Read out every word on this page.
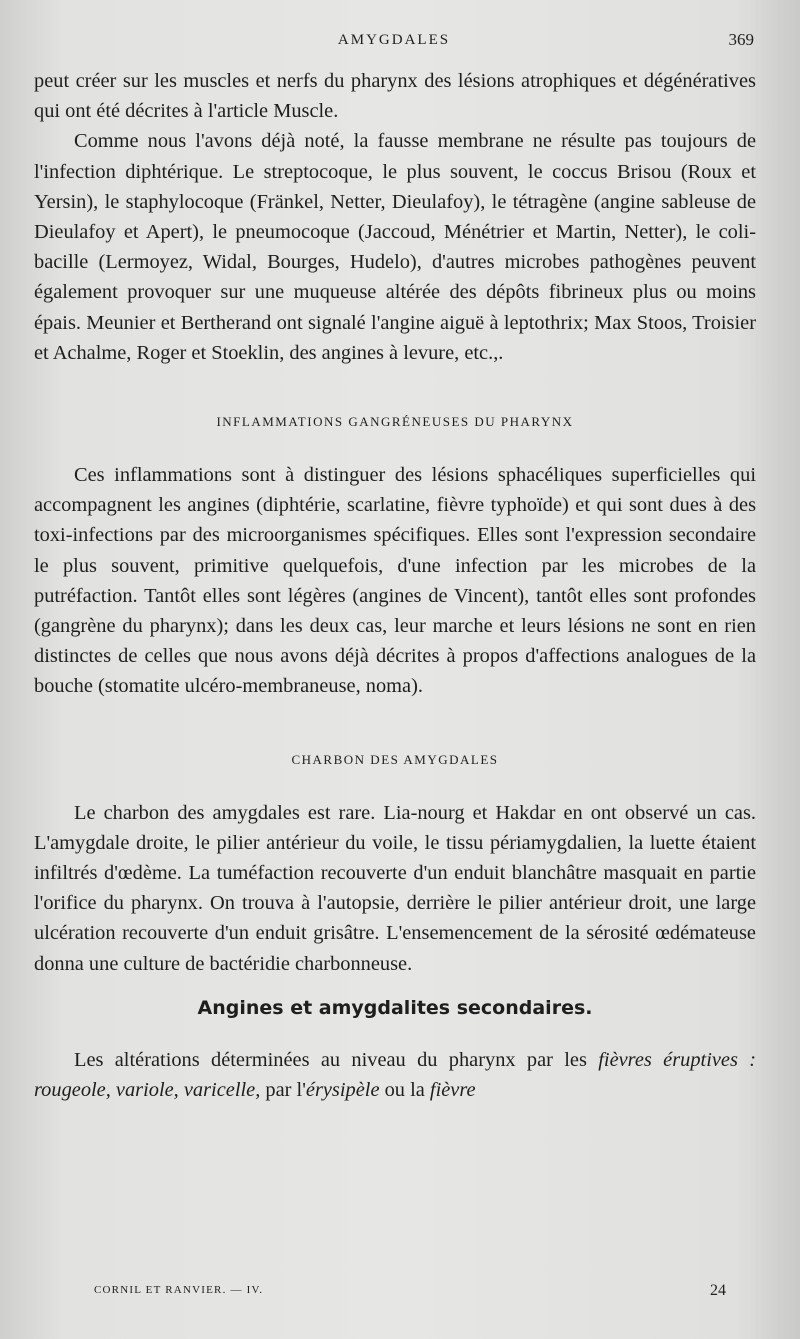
AMYGDALES	369

peut créer sur les muscles et nerfs du pharynx des lésions atrophiques et dégénératives qui ont été décrites à l'article Muscle.

Comme nous l'avons déjà noté, la fausse membrane ne résulte pas toujours de l'infection diphtérique. Le streptocoque, le plus souvent, le coccus Brisou (Roux et Yersin), le staphylocoque (Fränkel, Netter, Dieulafoy), le tétragène (angine sableuse de Dieulafoy et Apert), le pneumocoque (Jaccoud, Ménétrier et Martin, Netter), le coli-bacille (Lermoyez, Widal, Bourges, Hudelo), d'autres microbes pathogènes peuvent également provoquer sur une muqueuse altérée des dépôts fibrineux plus ou moins épais. Meunier et Bertherand ont signalé l'angine aiguë à leptothrix; Max Stoos, Troisier et Achalme, Roger et Stoeklin, des angines à levure, etc.,.

INFLAMMATIONS GANGRÉNEUSES DU PHARYNX

Ces inflammations sont à distinguer des lésions sphacéliques superficielles qui accompagnent les angines (diphtérie, scarlatine, fièvre typhoïde) et qui sont dues à des toxi-infections par des microorganismes spécifiques. Elles sont l'expression secondaire le plus souvent, primitive quelquefois, d'une infection par les microbes de la putréfaction. Tantôt elles sont légères (angines de Vincent), tantôt elles sont profondes (gangrène du pharynx); dans les deux cas, leur marche et leurs lésions ne sont en rien distinctes de celles que nous avons déjà décrites à propos d'affections analogues de la bouche (stomatite ulcéro-membraneuse, noma).

CHARBON DES AMYGDALES

Le charbon des amygdales est rare. Lia-nourg et Hakdar en ont observé un cas. L'amygdale droite, le pilier antérieur du voile, le tissu périamygdalien, la luette étaient infiltrés d'œdème. La tuméfaction recouverte d'un enduit blanchâtre masquait en partie l'orifice du pharynx. On trouva à l'autopsie, derrière le pilier antérieur droit, une large ulcération recouverte d'un enduit grisâtre. L'ensemencement de la sérosité œdémateuse donna une culture de bactéridie charbonneuse.

Angines et amygdalites secondaires.

Les altérations déterminées au niveau du pharynx par les fièvres éruptives : rougeole, variole, varicelle, par l'érysipèle ou la fièvre

CORNIL ET RANVIER. — IV.	24
